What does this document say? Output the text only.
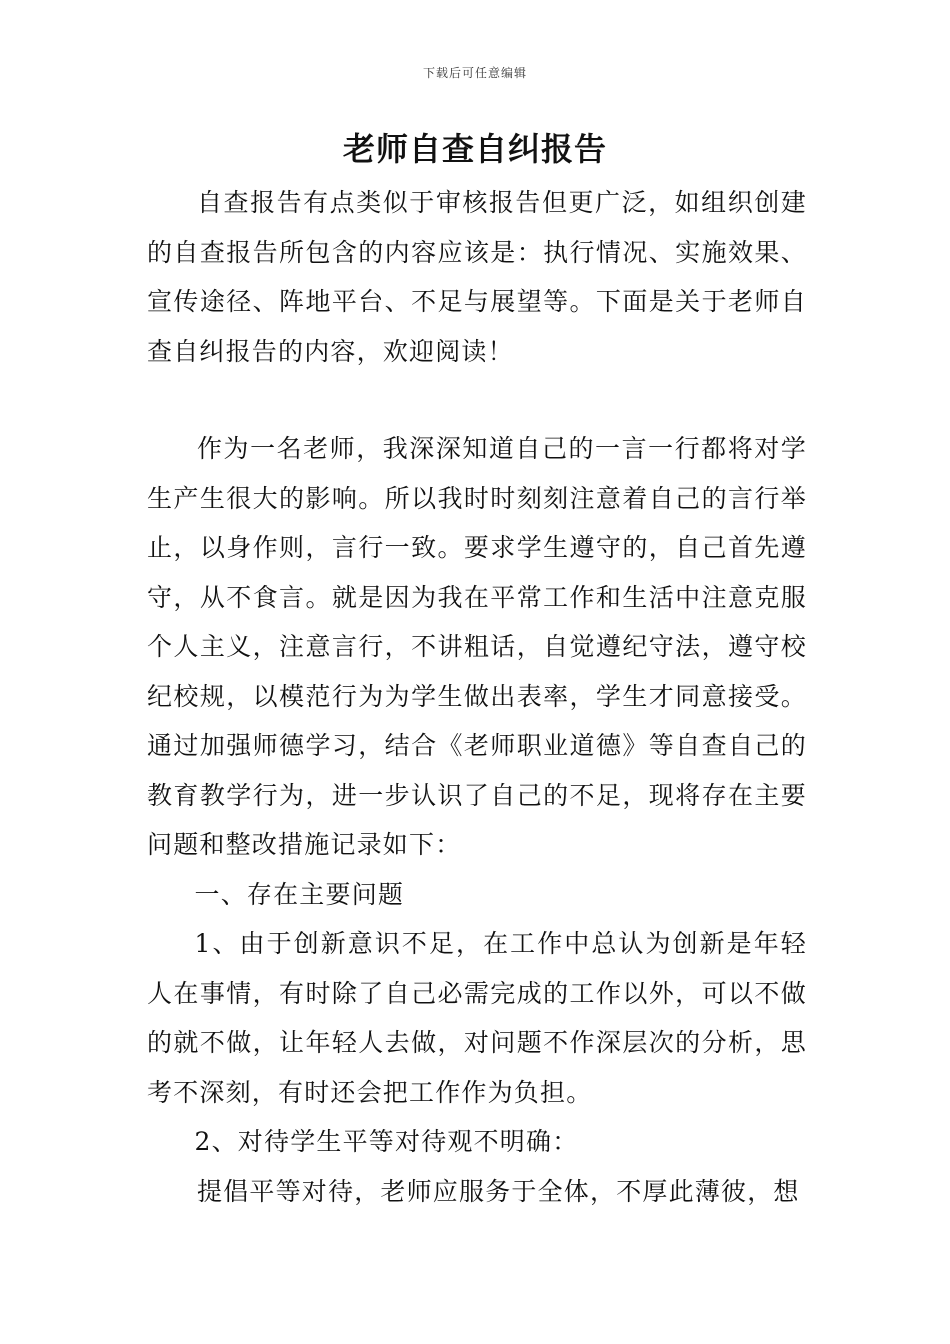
下载后可任意编辑
老师自查自纠报告

自查报告有点类似于审核报告但更广泛，如组织创建的自查报告所包含的内容应该是：执行情况、实施效果、宣传途径、阵地平台、不足与展望等。下面是关于老师自查自纠报告的内容，欢迎阅读！

作为一名老师，我深深知道自己的一言一行都将对学生产生很大的影响。所以我时时刻刻注意着自己的言行举止，以身作则，言行一致。要求学生遵守的，自己首先遵守，从不食言。就是因为我在平常工作和生活中注意克服个人主义，注意言行，不讲粗话，自觉遵纪守法，遵守校纪校规，以模范行为为学生做出表率，学生才同意接受。通过加强师德学习，结合《老师职业道德》等自查自己的教育教学行为，进一步认识了自己的不足，现将存在主要问题和整改措施记录如下：

一、存在主要问题

1、由于创新意识不足，在工作中总认为创新是年轻人在事情，有时除了自己必需完成的工作以外，可以不做的就不做，让年轻人去做，对问题不作深层次的分析，思考不深刻，有时还会把工作作为负担。

2、对待学生平等对待观不明确：

提倡平等对待，老师应服务于全体，不厚此薄彼，想
